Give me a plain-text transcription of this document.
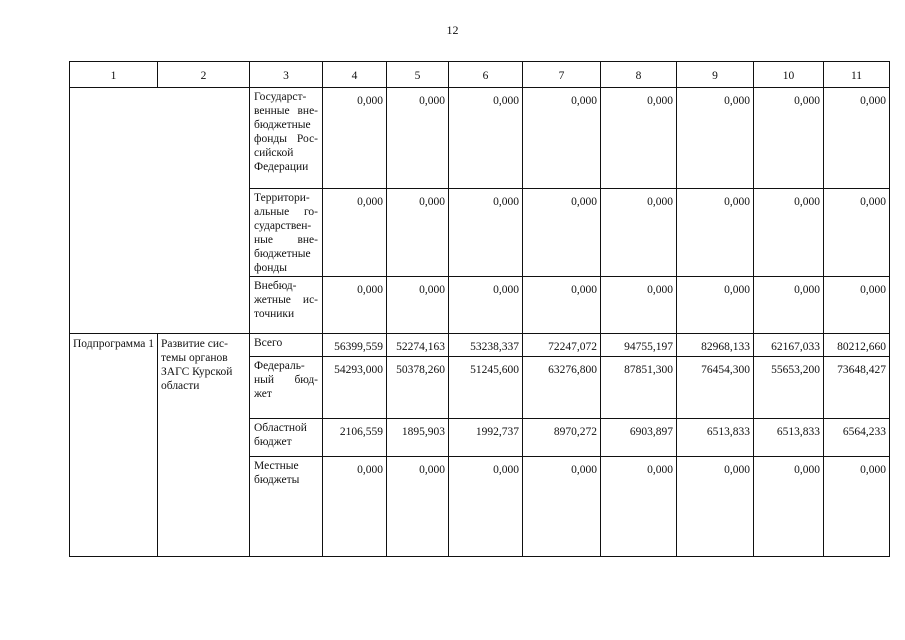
12
1	2	3	4	5	6	7	8	9	10	11

		Государст-венные вне-бюджетные фонды Рос-сийской Федерации	0,000	0,000	0,000	0,000	0,000	0,000	0,000	0,000

		Территори-альные го-сударствен-ные вне-бюджетные фонды	0,000	0,000	0,000	0,000	0,000	0,000	0,000	0,000

		Внебюд-жетные ис-точники	0,000	0,000	0,000	0,000	0,000	0,000	0,000	0,000

Подпрограмма 1	Развитие сис-темы органов ЗАГС Курской области	Всего	56399,559	52274,163	53238,337	72247,072	94755,197	82968,133	62167,033	80212,660

		Федераль-ный бюд-жет	54293,000	50378,260	51245,600	63276,800	87851,300	76454,300	55653,200	73648,427

		Областной бюджет	2106,559	1895,903	1992,737	8970,272	6903,897	6513,833	6513,833	6564,233

		Местные бюджеты	0,000	0,000	0,000	0,000	0,000	0,000	0,000	0,000
